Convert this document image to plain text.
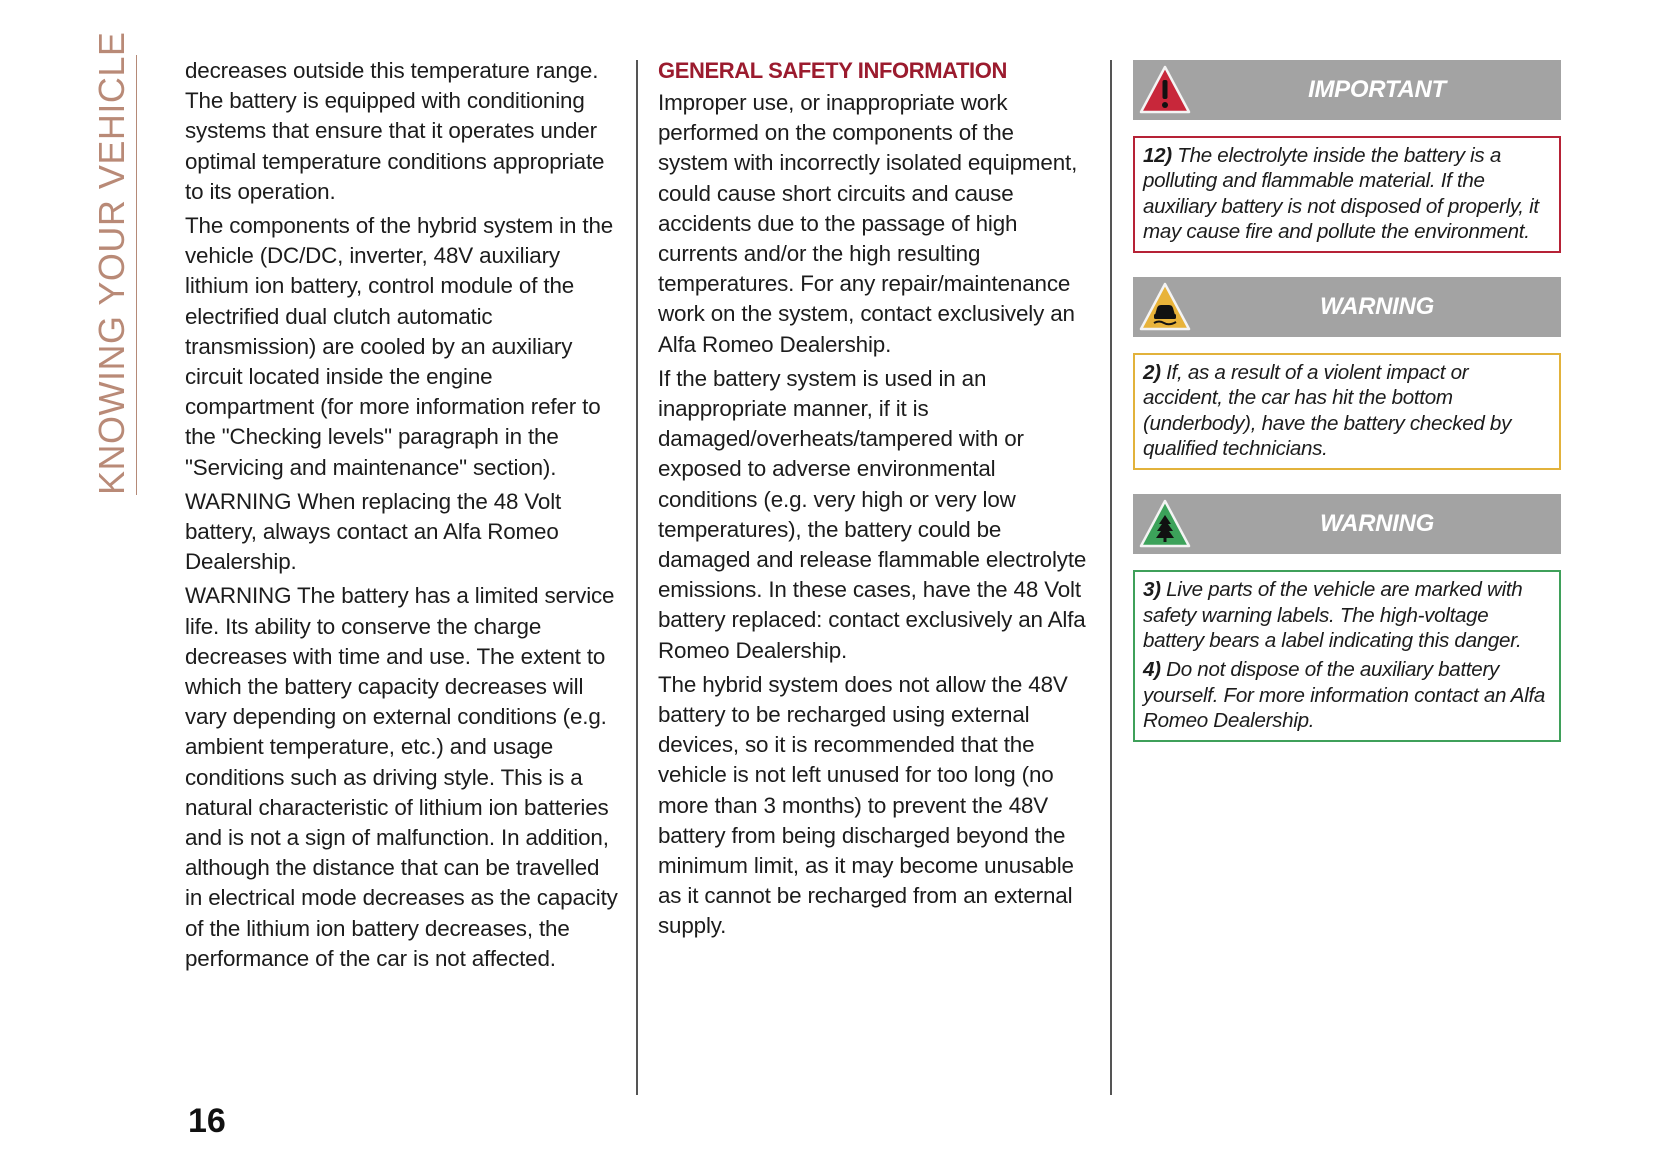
KNOWING YOUR VEHICLE decreases outside this temperature range. The battery is equipped with conditioning systems that ensure that it operates under optimal temperature conditions appropriate to its operation.

The components of the hybrid system in the vehicle (DC/DC, inverter, 48V auxiliary lithium ion battery, control module of the electrified dual clutch automatic transmission) are cooled by an auxiliary circuit located inside the engine compartment (for more information refer to the "Checking levels" paragraph in the "Servicing and maintenance" section).

WARNING When replacing the 48 Volt battery, always contact an Alfa Romeo Dealership.

WARNING The battery has a limited service life. Its ability to conserve the charge decreases with time and use. The extent to which the battery capacity decreases will vary depending on external conditions (e.g. ambient temperature, etc.) and usage conditions such as driving style. This is a natural characteristic of lithium ion batteries and is not a sign of malfunction. In addition, although the distance that can be travelled in electrical mode decreases as the capacity of the lithium ion battery decreases, the performance of the car is not affected.

GENERAL SAFETY INFORMATION

Improper use, or inappropriate work performed on the components of the system with incorrectly isolated equipment, could cause short circuits and cause accidents due to the passage of high currents and/or the high resulting temperatures. For any repair/maintenance work on the system, contact exclusively an Alfa Romeo Dealership.

If the battery system is used in an inappropriate manner, if it is damaged/overheats/tampered with or exposed to adverse environmental conditions (e.g. very high or very low temperatures), the battery could be damaged and release flammable electrolyte emissions. In these cases, have the 48 Volt battery replaced: contact exclusively an Alfa Romeo Dealership.

The hybrid system does not allow the 48V battery to be recharged using external devices, so it is recommended that the vehicle is not left unused for too long (no more than 3 months) to prevent the 48V battery from being discharged beyond the minimum limit, as it may become unusable as it cannot be recharged from an external supply.

IMPORTANT

12) The electrolyte inside the battery is a polluting and flammable material. If the auxiliary battery is not disposed of properly, it may cause fire and pollute the environment.

WARNING

2) If, as a result of a violent impact or accident, the car has hit the bottom (underbody), have the battery checked by qualified technicians.

WARNING

3) Live parts of the vehicle are marked with safety warning labels. The high-voltage battery bears a label indicating this danger.

4) Do not dispose of the auxiliary battery yourself. For more information contact an Alfa Romeo Dealership.

16
